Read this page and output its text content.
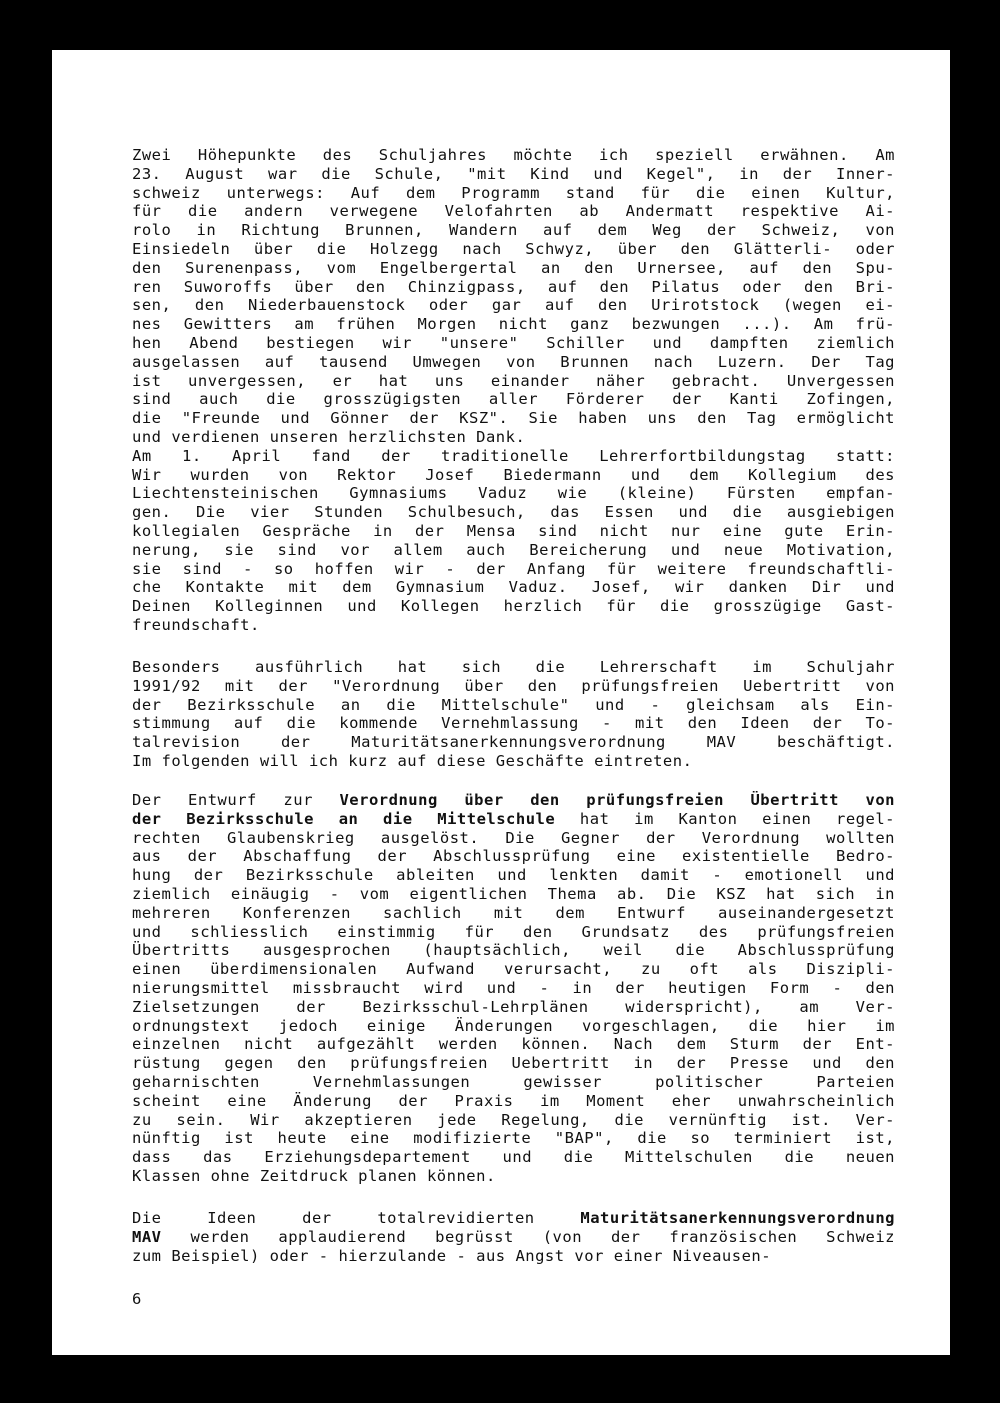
Zwei Höhepunkte des Schuljahres möchte ich speziell erwähnen. Am
23. August war die Schule, "mit Kind und Kegel", in der Inner-
schweiz unterwegs: Auf dem Programm stand für die einen Kultur,
für die andern verwegene Velofahrten ab Andermatt respektive Ai-
rolo in Richtung Brunnen, Wandern auf dem Weg der Schweiz, von
Einsiedeln über die Holzegg nach Schwyz, über den Glätterli- oder
den Surenenpass, vom Engelbergertal an den Urnersee, auf den Spu-
ren Suworoffs über den Chinzigpass, auf den Pilatus oder den Bri-
sen, den Niederbauenstock oder gar auf den Urirotstock (wegen ei-
nes Gewitters am frühen Morgen nicht ganz bezwungen ...). Am frü-
hen Abend bestiegen wir "unsere" Schiller und dampften ziemlich
ausgelassen auf tausend Umwegen von Brunnen nach Luzern. Der Tag
ist unvergessen, er hat uns einander näher gebracht. Unvergessen
sind auch die grosszügigsten aller Förderer der Kanti Zofingen,
die "Freunde und Gönner der KSZ". Sie haben uns den Tag ermöglicht
und verdienen unseren herzlichsten Dank.
Am 1. April fand der traditionelle Lehrerfortbildungstag statt:
Wir wurden von Rektor Josef Biedermann und dem Kollegium des
Liechtensteinischen Gymnasiums Vaduz wie (kleine) Fürsten empfan-
gen. Die vier Stunden Schulbesuch, das Essen und die ausgiebigen
kollegialen Gespräche in der Mensa sind nicht nur eine gute Erin-
nerung, sie sind vor allem auch Bereicherung und neue Motivation,
sie sind - so hoffen wir - der Anfang für weitere freundschaftli-
che Kontakte mit dem Gymnasium Vaduz. Josef, wir danken Dir und
Deinen Kolleginnen und Kollegen herzlich für die grosszügige Gast-
freundschaft.
Besonders ausführlich hat sich die Lehrerschaft im Schuljahr
1991/92 mit der "Verordnung über den prüfungsfreien Uebertritt von
der Bezirksschule an die Mittelschule" und - gleichsam als Ein-
stimmung auf die kommende Vernehmlassung - mit den Ideen der To-
talrevision der Maturitätsanerkennungsverordnung MAV beschäftigt.
Im folgenden will ich kurz auf diese Geschäfte eintreten.
Der Entwurf zur Verordnung über den prüfungsfreien Übertritt von
der Bezirksschule an die Mittelschule hat im Kanton einen regel-
rechten Glaubenskrieg ausgelöst. Die Gegner der Verordnung wollten
aus der Abschaffung der Abschlussprüfung eine existentielle Bedro-
hung der Bezirksschule ableiten und lenkten damit - emotionell und
ziemlich einäugig - vom eigentlichen Thema ab. Die KSZ hat sich in
mehreren Konferenzen sachlich mit dem Entwurf auseinandergesetzt
und schliesslich einstimmig für den Grundsatz des prüfungsfreien
Übertritts ausgesprochen (hauptsächlich, weil die Abschlussprüfung
einen überdimensionalen Aufwand verursacht, zu oft als Diszipli-
nierungsmittel missbraucht wird und - in der heutigen Form - den
Zielsetzungen der Bezirksschul-Lehrplänen widerspricht), am Ver-
ordnungstext jedoch einige Änderungen vorgeschlagen, die hier im
einzelnen nicht aufgezählt werden können. Nach dem Sturm der Ent-
rüstung gegen den prüfungsfreien Uebertritt in der Presse und den
geharnischten Vernehmlassungen gewisser politischer Parteien
scheint eine Änderung der Praxis im Moment eher unwahrscheinlich
zu sein. Wir akzeptieren jede Regelung, die vernünftig ist. Ver-
nünftig ist heute eine modifizierte "BAP", die so terminiert ist,
dass das Erziehungsdepartement und die Mittelschulen die neuen
Klassen ohne Zeitdruck planen können.
Die Ideen der totalrevidierten Maturitätsanerkennungsverordnung
MAV werden applaudierend begrüsst (von der französischen Schweiz
zum Beispiel) oder - hierzulande - aus Angst vor einer Niveausen-
6
